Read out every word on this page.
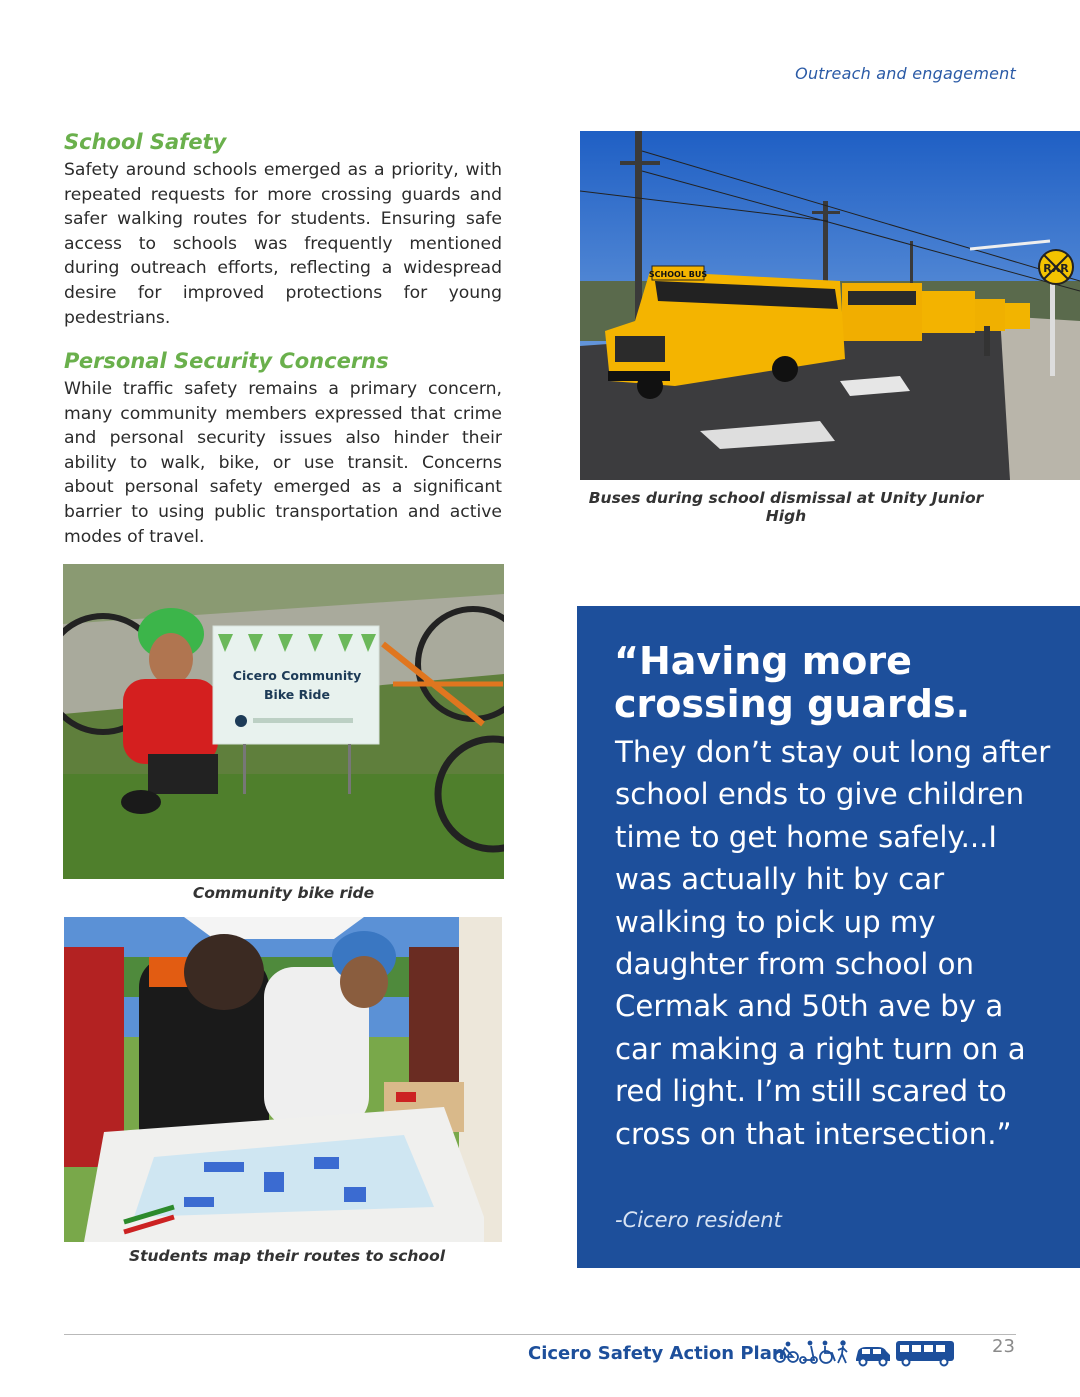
Outreach and engagement
School Safety

Safety around schools emerged as a priority, with repeated requests for more crossing guards and safer walking routes for students. Ensuring safe access to schools was frequently mentioned during outreach efforts, reflecting a widespread desire for improved protections for young pedestrians.

Personal Security Concerns

While traffic safety remains a primary concern, many community members expressed that crime and personal security issues also hinder their ability to walk, bike, or use transit. Concerns about personal safety emerged as a significant barrier to using public transportation and active modes of travel.

RXR
SCHOOL BUS
Buses during school dismissal at Unity Junior High
Cicero Community
Bike Ride
Community bike ride
Students map their routes to school
“Having more crossing guards.
They don’t stay out long after school ends to give children time to get home safely...I was actually hit by car walking to pick up my daughter from school on Cermak and 50th ave by a car making a right turn on a red light. I’m still scared to cross on that intersection.”
-Cicero resident
Cicero Safety Action Plan	23
